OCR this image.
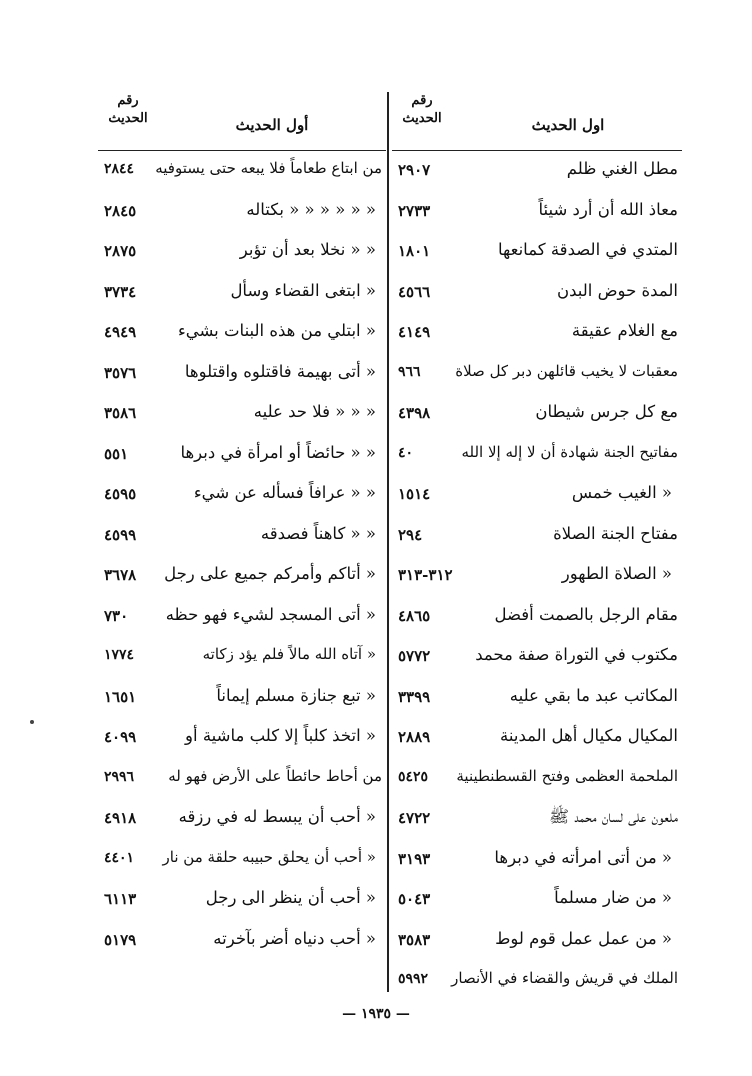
رقم الحديث	اول الحديث
مطل الغني ظلم
٢٩٠٧
معاذ الله أن أرد شيئاً
٢٧٣٣
المتدي في الصدقة كمانعها
١٨٠١
المدة حوض البدن
٤٥٦٦
مع الغلام عقيقة
٤١٤٩
معقبات لا يخيب قائلهن دبر كل صلاة
٩٦٦
مع كل جرس شيطان
٤٣٩٨
مفاتيح الجنة شهادة أن لا إله إلا الله
٤٠
« الغيب خمس
١٥١٤
مفتاح الجنة الصلاة
٢٩٤
« الصلاة الطهور
٣١٢-٣١٣
مقام الرجل بالصمت أفضل
٤٨٦٥
مكتوب في التوراة صفة محمد
٥٧٧٢
المكاتب عبد ما بقي عليه
٣٣٩٩
المكيال مكيال أهل المدينة
٢٨٨٩
الملحمة العظمى وفتح القسطنطينية
٥٤٢٥
ملعون على لسان محمد ﷺ
٤٧٢٢
« من أتى امرأته في دبرها
٣١٩٣
« من ضار مسلماً
٥٠٤٣
« من عمل عمل قوم لوط
٣٥٨٣
الملك في قريش والقضاء في الأنصار
٥٩٩٢
رقم الحديث	أول الحديث
من ابتاع طعاماً فلا يبعه حتى يستوفيه
٢٨٤٤
« « « « « « بكتاله
٢٨٤٥
« « نخلا بعد أن تؤبر
٢٨٧٥
« ابتغى القضاء وسأل
٣٧٣٤
« ابتلي من هذه البنات بشيء
٤٩٤٩
« أتى بهيمة فاقتلوه واقتلوها
٣٥٧٦
« « « فلا حد عليه
٣٥٨٦
« « حائضاً أو امرأة في دبرها
٥٥١
« « عرافاً فسأله عن شيء
٤٥٩٥
« « كاهناً فصدقه
٤٥٩٩
« أتاكم وأمركم جميع على رجل
٣٦٧٨
« أتى المسجد لشيء فهو حظه
٧٣٠
« آتاه الله مالاً فلم يؤد زكاته
١٧٧٤
« تبع جنازة مسلم إيماناً
١٦٥١
« اتخذ كلباً إلا كلب ماشية أو
٤٠٩٩
من أحاط حائطاً على الأرض فهو له
٢٩٩٦
« أحب أن يبسط له في رزقه
٤٩١٨
« أحب أن يحلق حبيبه حلقة من نار
٤٤٠١
« أحب أن ينظر الى رجل
٦١١٣
« أحب دنياه أضر بآخرته
٥١٧٩
— ١٩٣٥ —
